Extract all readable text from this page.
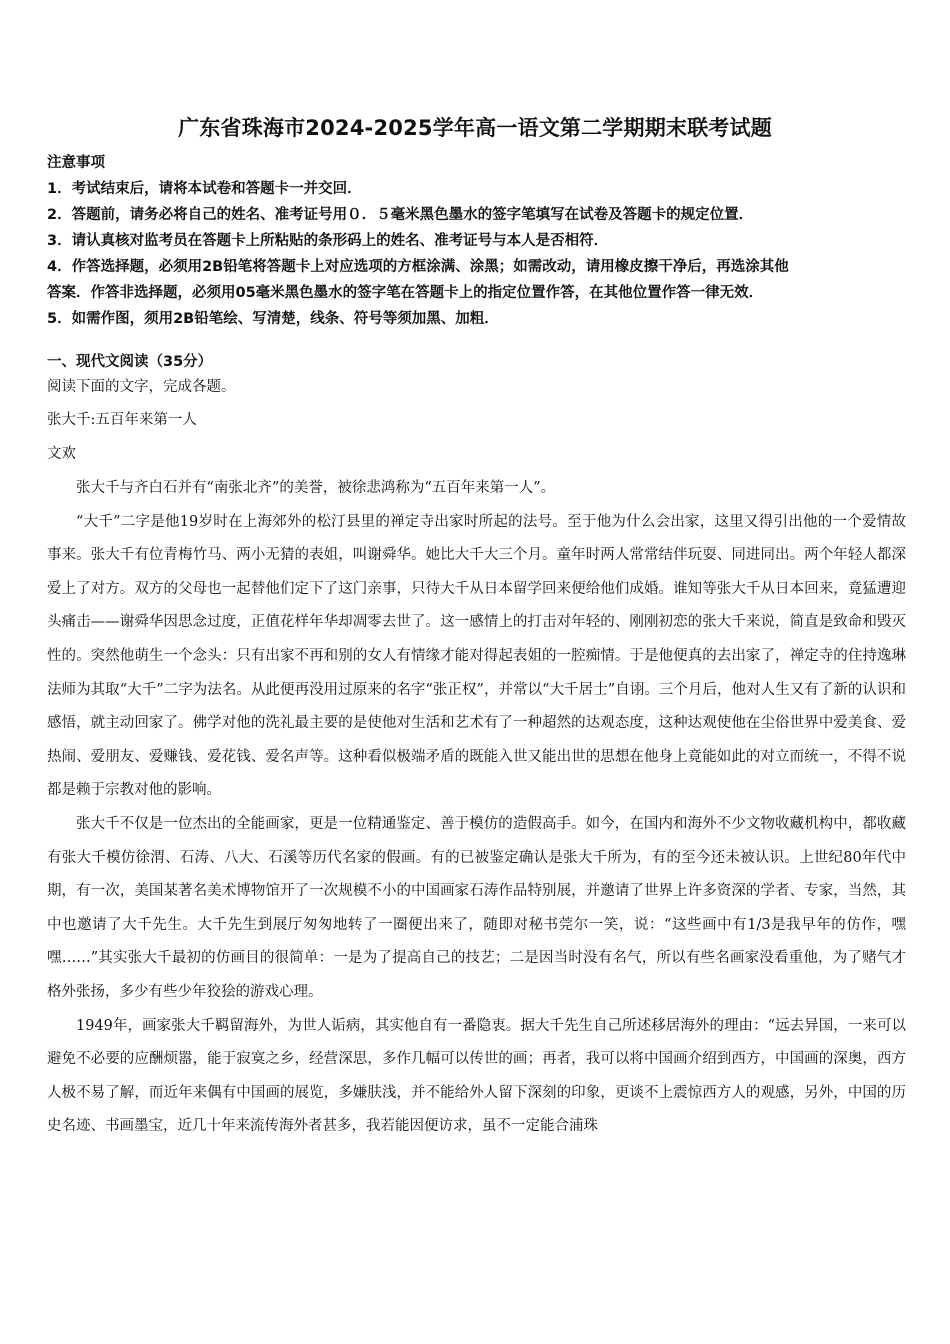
广东省珠海市2024-2025学年高一语文第二学期期末联考试题
注意事项
1．考试结束后，请将本试卷和答题卡一并交回．
2．答题前，请务必将自己的姓名、准考证号用０．５毫米黑色墨水的签字笔填写在试卷及答题卡的规定位置．
3．请认真核对监考员在答题卡上所粘贴的条形码上的姓名、准考证号与本人是否相符．
4．作答选择题，必须用2B铅笔将答题卡上对应选项的方框涂满、涂黑；如需改动，请用橡皮擦干净后，再选涂其他
答案．作答非选择题，必须用05毫米黑色墨水的签字笔在答题卡上的指定位置作答，在其他位置作答一律无效．
5．如需作图，须用2B铅笔绘、写清楚，线条、符号等须加黑、加粗．
一、现代文阅读（35分）
阅读下面的文字，完成各题。
张大千:五百年来第一人
文欢

张大千与齐白石并有“南张北齐”的美誉，被徐悲鸿称为“五百年来第一人”。

“大千”二字是他19岁时在上海郊外的松汀县里的禅定寺出家时所起的法号。至于他为什么会出家，这里又得引出他的一个爱情故事来。张大千有位青梅竹马、两小无猜的表姐，叫谢舜华。她比大千大三个月。童年时两人常常结伴玩耍、同进同出。两个年轻人都深爱上了对方。双方的父母也一起替他们定下了这门亲事，只待大千从日本留学回来便给他们成婚。谁知等张大千从日本回来，竟猛遭迎头痛击——谢舜华因思念过度，正值花样年华却凋零去世了。这一感情上的打击对年轻的、刚刚初恋的张大千来说，简直是致命和毁灭性的。突然他萌生一个念头：只有出家不再和别的女人有情缘才能对得起表姐的一腔痴情。于是他便真的去出家了，禅定寺的住持逸琳法师为其取“大千”二字为法名。从此便再没用过原来的名字“张正权”，并常以“大千居士”自诩。三个月后，他对人生又有了新的认识和感悟，就主动回家了。佛学对他的洗礼最主要的是使他对生活和艺术有了一种超然的达观态度，这种达观使他在尘俗世界中爱美食、爱热闹、爱朋友、爱赚钱、爱花钱、爱名声等。这种看似极端矛盾的既能入世又能出世的思想在他身上竟能如此的对立而统一，不得不说都是赖于宗教对他的影响。

张大千不仅是一位杰出的全能画家，更是一位精通鉴定、善于模仿的造假高手。如今，在国内和海外不少文物收藏机构中，都收藏有张大千模仿徐渭、石涛、八大、石溪等历代名家的假画。有的已被鉴定确认是张大千所为，有的至今还未被认识。上世纪80年代中期，有一次，美国某著名美术博物馆开了一次规模不小的中国画家石涛作品特别展，并邀请了世界上许多资深的学者、专家，当然，其中也邀请了大千先生。大千先生到展厅匆匆地转了一圈便出来了，随即对秘书莞尔一笑，说：“这些画中有1/3是我早年的仿作，嘿嘿……”其实张大千最初的仿画目的很简单：一是为了提高自己的技艺；二是因当时没有名气，所以有些名画家没看重他，为了赌气才格外张扬，多少有些少年狡狯的游戏心理。

1949年，画家张大千羁留海外，为世人诟病，其实他自有一番隐衷。据大千先生自己所述移居海外的理由：“远去异国，一来可以避免不必要的应酬烦嚣，能于寂寞之乡，经营深思，多作几幅可以传世的画；再者，我可以将中国画介绍到西方，中国画的深奥，西方人极不易了解，而近年来偶有中国画的展览，多嫌肤浅，并不能给外人留下深刻的印象，更谈不上震惊西方人的观感，另外，中国的历史名迹、书画墨宝，近几十年来流传海外者甚多，我若能因便访求，虽不一定能合浦珠
